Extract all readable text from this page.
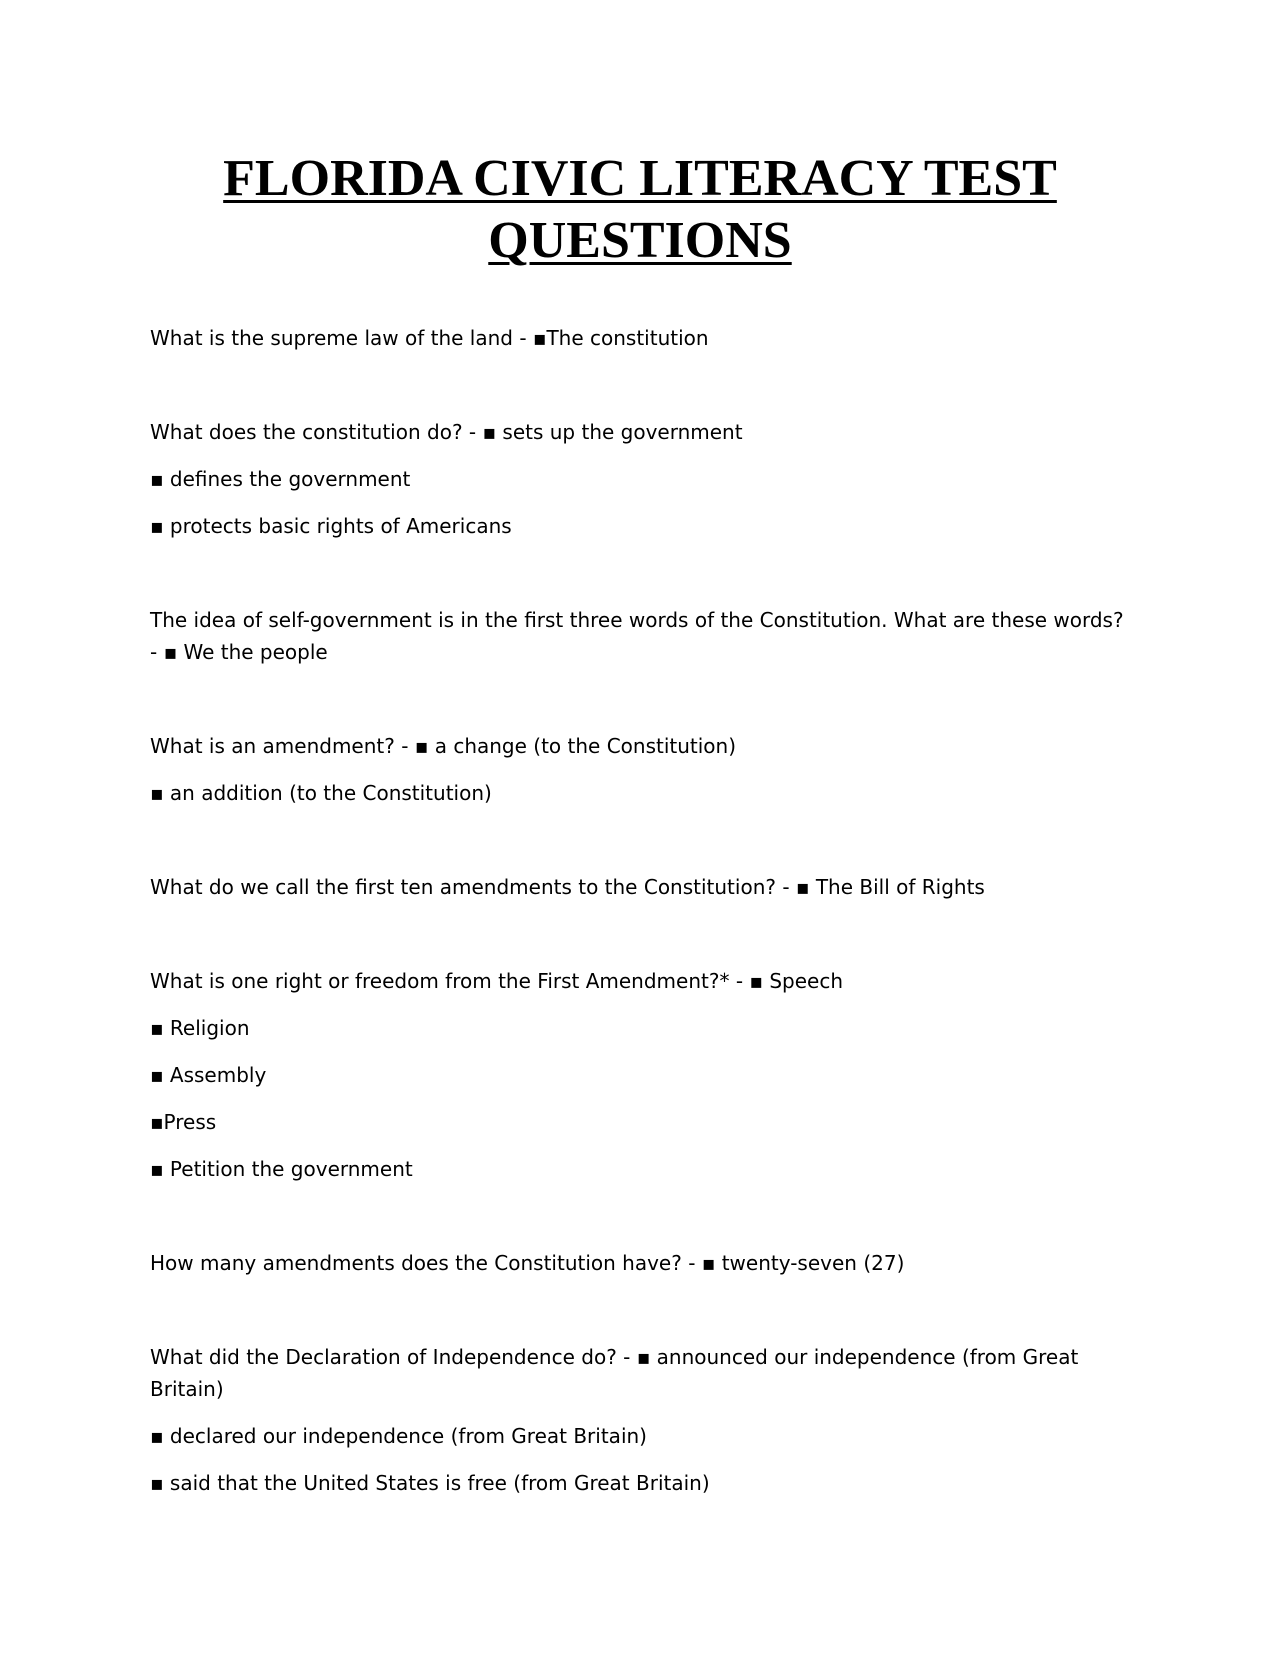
FLORIDA CIVIC LITERACY TEST QUESTIONS

What is the supreme law of the land - ▪The constitution

What does the constitution do? - ▪ sets up the government

▪ defines the government

▪ protects basic rights of Americans

The idea of self-government is in the first three words of the Constitution. What are these words? - ▪ We the people

What is an amendment? - ▪ a change (to the Constitution)

▪ an addition (to the Constitution)

What do we call the first ten amendments to the Constitution? - ▪ The Bill of Rights

What is one right or freedom from the First Amendment?* - ▪ Speech

▪ Religion

▪ Assembly

▪Press

▪ Petition the government

How many amendments does the Constitution have? - ▪ twenty-seven (27)

What did the Declaration of Independence do? - ▪ announced our independence (from Great Britain)

▪ declared our independence (from Great Britain)

▪ said that the United States is free (from Great Britain)
